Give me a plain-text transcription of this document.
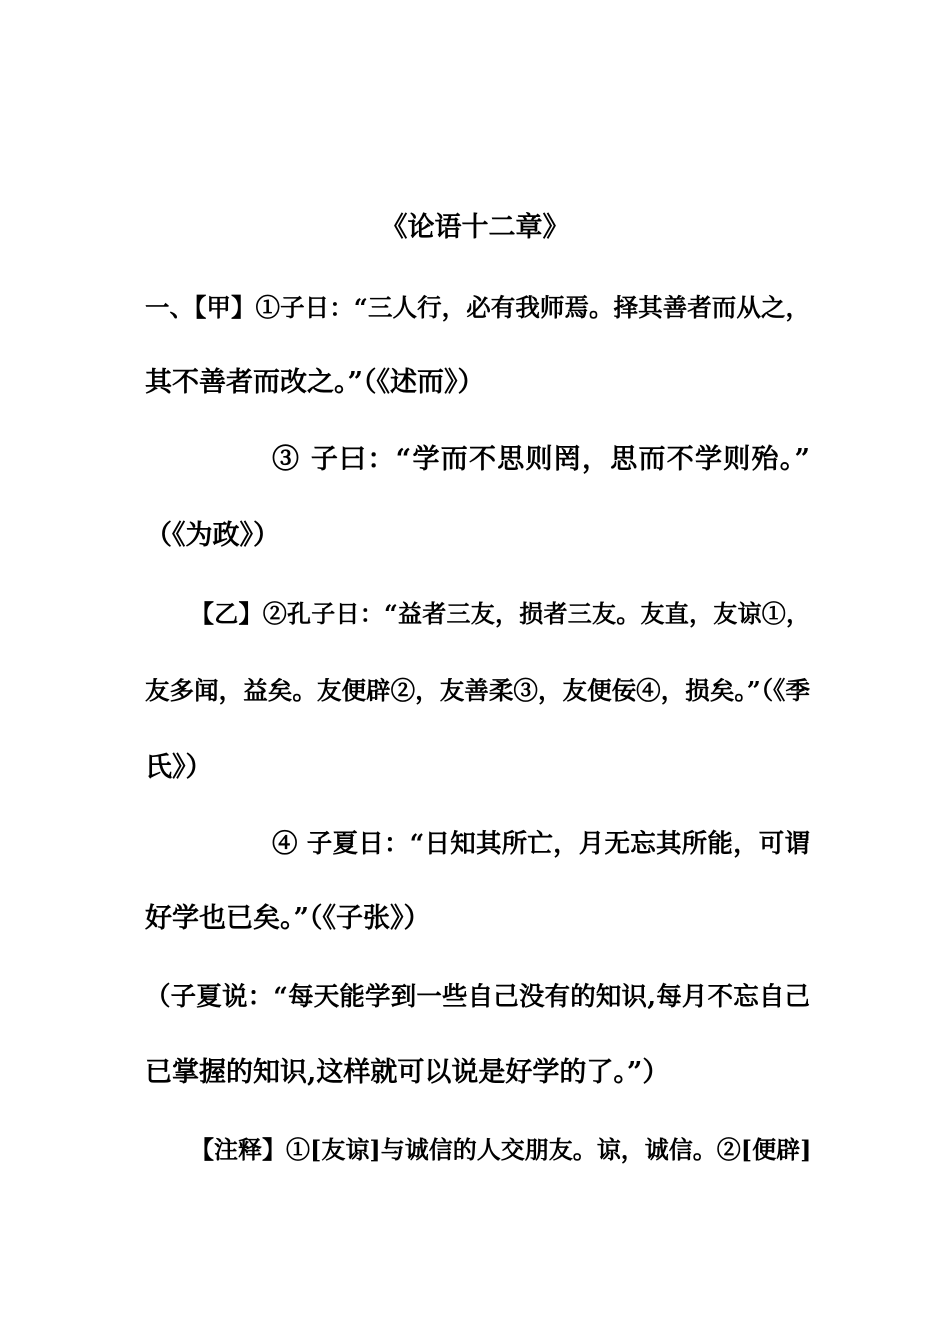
《论语十二章》
一、【甲】①子日：“三人行，必有我师焉。择其善者而从之，
其不善者而改之。”（《述而》）
③ 子曰：“学而不思则罔，思而不学则殆。”
（《为政》）
【乙】②孔子日：“益者三友，损者三友。友直，友谅①，
友多闻，益矣。友便辟②，友善柔③，友便佞④，损矣。”（《季
氏》）
④ 子夏日：“日知其所亡，月无忘其所能，可谓
好学也已矣。”（《子张》）
（子夏说：“每天能学到一些自己没有的知识,每月不忘自己
已掌握的知识,这样就可以说是好学的了。”）
【注释】①[友谅]与诚信的人交朋友。谅，诚信。②[便辟]
